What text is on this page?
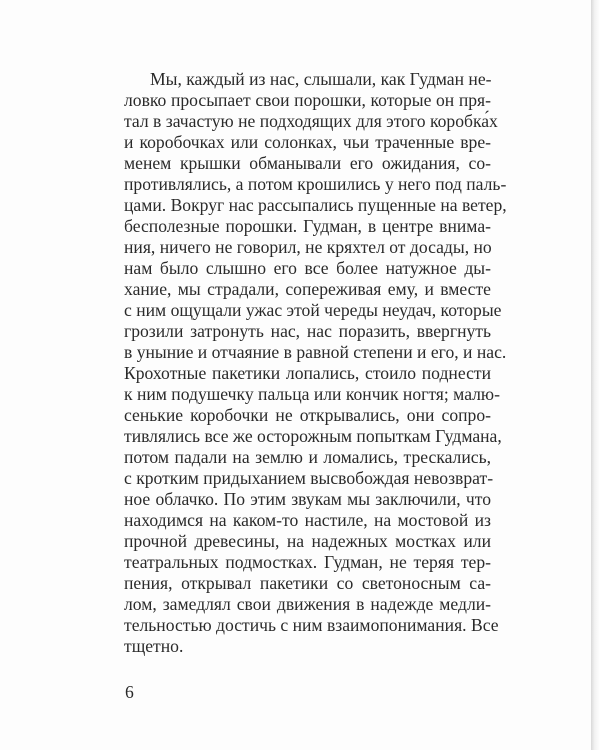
Мы, каждый из нас, слышали, как Гудман не-
ловко просыпает свои порошки, которые он пря-
тал в зачастую не подходящих для этого коробка́х
и коробочках или солонках, чьи траченные вре-
менем крышки обманывали его ожидания, со-
противлялись, а потом крошились у него под паль-
цами. Вокруг нас рассыпались пущенные на ветер,
бесполезные порошки. Гудман, в центре внима-
ния, ничего не говорил, не кряхтел от досады, но
нам было слышно его все более натужное ды-
хание, мы страдали, сопереживая ему, и вместе
с ним ощущали ужас этой череды неудач, которые
грозили затронуть нас, нас поразить, ввергнуть
в уныние и отчаяние в равной степени и его, и нас.
Крохотные пакетики лопались, стоило поднести
к ним подушечку пальца или кончик ногтя; малю-
сенькие коробочки не открывались, они сопро-
тивлялись все же осторожным попыткам Гудмана,
потом падали на землю и ломались, трескались,
с кротким придыханием высвобождая невозврат-
ное облачко. По этим звукам мы заключили, что
находимся на каком-то настиле, на мостовой из
прочной древесины, на надежных мостках или
театральных подмостках. Гудман, не теряя тер-
пения, открывал пакетики со светоносным са-
лом, замедлял свои движения в надежде медли-
тельностью достичь с ним взаимопонимания. Все
тщетно.
6
